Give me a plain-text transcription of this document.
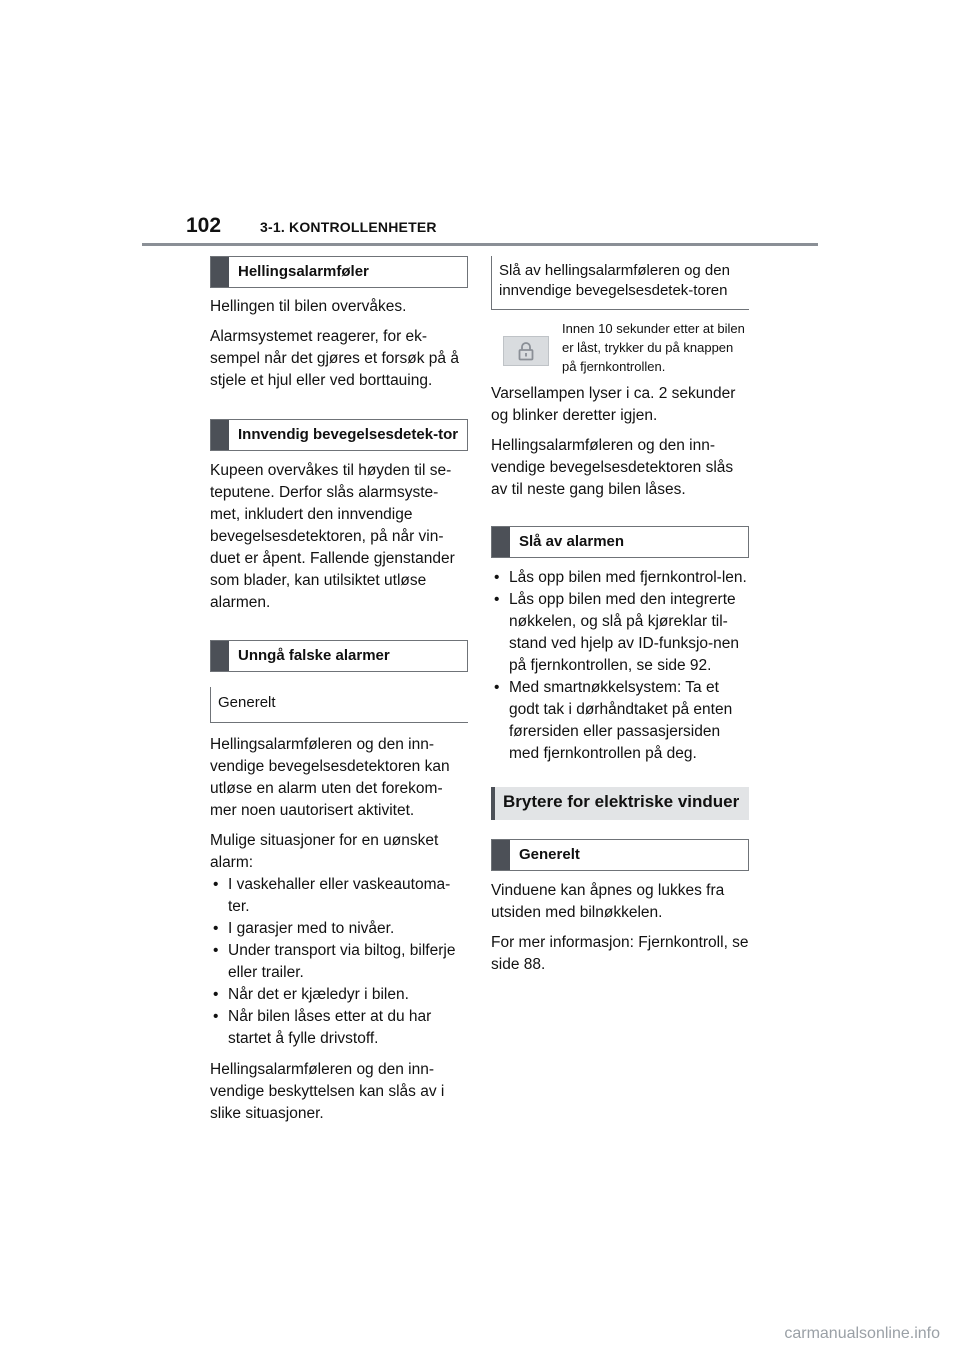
102	3-1. KONTROLLENHETER
Hellingsalarmføler

Hellingen til bilen overvåkes.

Alarmsystemet reagerer, for ek-sempel når det gjøres et forsøk på å stjele et hjul eller ved borttauing.

Innvendig bevegelsesdetek-tor

Kupeen overvåkes til høyden til se-teputene. Derfor slås alarmsyste-met, inkludert den innvendige bevegelsesdetektoren, på når vin-duet er åpent. Fallende gjenstander som blader, kan utilsiktet utløse alarmen.

Unngå falske alarmer
Generelt

Hellingsalarmføleren og den inn-vendige bevegelsesdetektoren kan utløse en alarm uten det forekom-mer noen uautorisert aktivitet.

Mulige situasjoner for en uønsket alarm:

• I vaskehaller eller vaskeautoma-ter.
• I garasjer med to nivåer.
• Under transport via biltog, bilferje eller trailer.
• Når det er kjæledyr i bilen.
• Når bilen låses etter at du har startet å fylle drivstoff.

Hellingsalarmføleren og den inn-vendige beskyttelsen kan slås av i slike situasjoner.

Slå av hellingsalarmføleren og den innvendige bevegelsesdetek-toren
Innen 10 sekunder etter at bilen er låst, trykker du på knappen på fjernkontrollen.

Varsellampen lyser i ca. 2 sekunder og blinker deretter igjen.

Hellingsalarmføleren og den inn-vendige bevegelsesdetektoren slås av til neste gang bilen låses.

Slå av alarmen
• Lås opp bilen med fjernkontrol-len.
• Lås opp bilen med den integrerte nøkkelen, og slå på kjøreklar til-stand ved hjelp av ID-funksjo-nen på fjernkontrollen, se side 92.
• Med smartnøkkelsystem: Ta et godt tak i dørhåndtaket på enten førersiden eller passasjersiden med fjernkontrollen på deg.
Brytere for elektriske vinduer
Generelt

Vinduene kan åpnes og lukkes fra utsiden med bilnøkkelen.

For mer informasjon: Fjernkontroll, se side 88.

carmanualsonline.info
